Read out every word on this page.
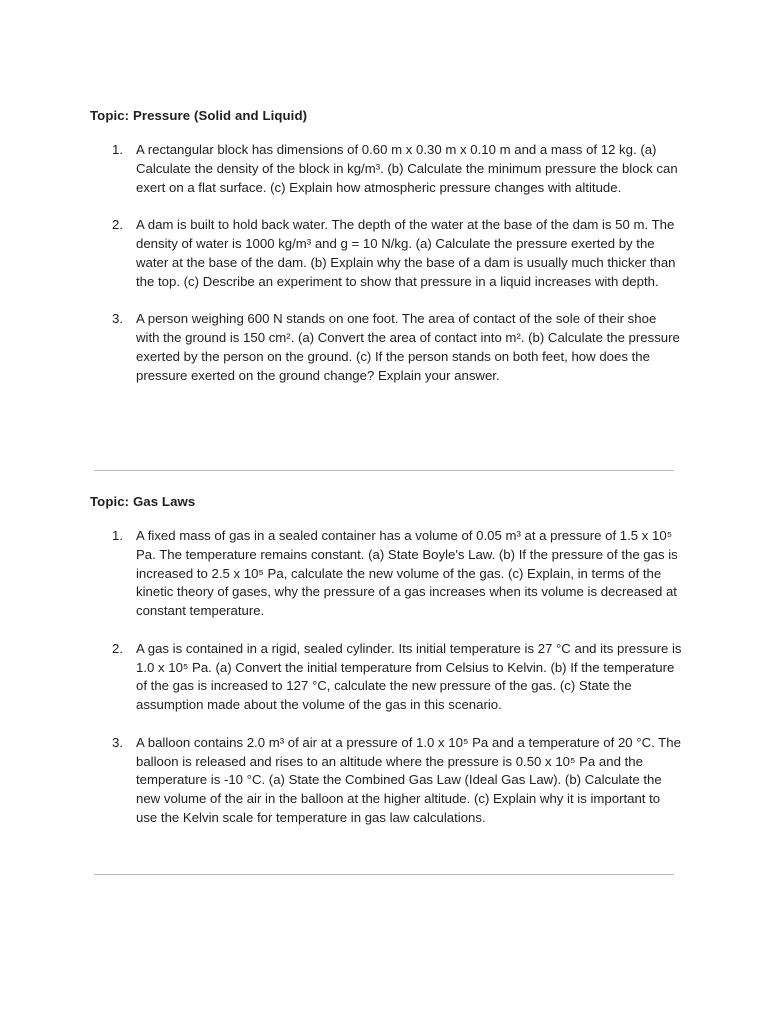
Topic: Pressure (Solid and Liquid)
1. A rectangular block has dimensions of 0.60 m x 0.30 m x 0.10 m and a mass of 12 kg. (a) Calculate the density of the block in kg/m³. (b) Calculate the minimum pressure the block can exert on a flat surface. (c) Explain how atmospheric pressure changes with altitude.
2. A dam is built to hold back water. The depth of the water at the base of the dam is 50 m. The density of water is 1000 kg/m³ and g = 10 N/kg. (a) Calculate the pressure exerted by the water at the base of the dam. (b) Explain why the base of a dam is usually much thicker than the top. (c) Describe an experiment to show that pressure in a liquid increases with depth.
3. A person weighing 600 N stands on one foot. The area of contact of the sole of their shoe with the ground is 150 cm². (a) Convert the area of contact into m². (b) Calculate the pressure exerted by the person on the ground. (c) If the person stands on both feet, how does the pressure exerted on the ground change? Explain your answer.
Topic: Gas Laws
1. A fixed mass of gas in a sealed container has a volume of 0.05 m³ at a pressure of 1.5 x 10⁵ Pa. The temperature remains constant. (a) State Boyle's Law. (b) If the pressure of the gas is increased to 2.5 x 10⁵ Pa, calculate the new volume of the gas. (c) Explain, in terms of the kinetic theory of gases, why the pressure of a gas increases when its volume is decreased at constant temperature.
2. A gas is contained in a rigid, sealed cylinder. Its initial temperature is 27 °C and its pressure is 1.0 x 10⁵ Pa. (a) Convert the initial temperature from Celsius to Kelvin. (b) If the temperature of the gas is increased to 127 °C, calculate the new pressure of the gas. (c) State the assumption made about the volume of the gas in this scenario.
3. A balloon contains 2.0 m³ of air at a pressure of 1.0 x 10⁵ Pa and a temperature of 20 °C. The balloon is released and rises to an altitude where the pressure is 0.50 x 10⁵ Pa and the temperature is -10 °C. (a) State the Combined Gas Law (Ideal Gas Law). (b) Calculate the new volume of the air in the balloon at the higher altitude. (c) Explain why it is important to use the Kelvin scale for temperature in gas law calculations.
